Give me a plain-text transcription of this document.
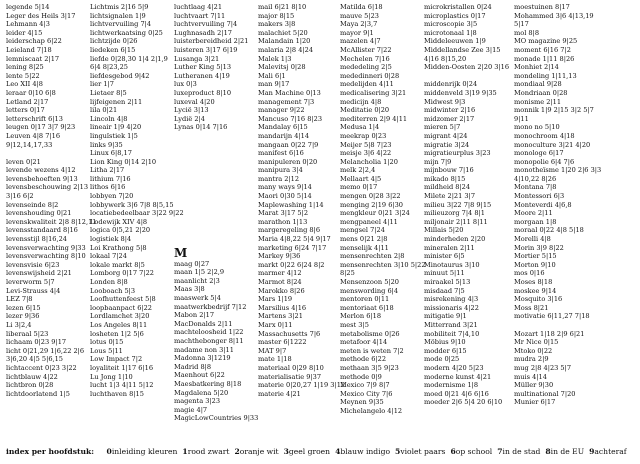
legende 5|14
Leger des Heils 3|17
Lehmann 4|3
leider 4|15
leiderschap 6|22
Leieland 7|18
lemniscaat 2|17
lening 8|25
lente 5|22
Leo XII 4|8
leraar 0|10 6|8
Letland 2|17
letters 0|17
letterschrift 6|13
leugen 0|17 3|7 9|23
Leuven 4|8 7|16
9|12,14,17,33
leven 0|21
levende wezens 4|12
levensbehoeften 9|13
levensbeschouwing 2|13
3|16 6|2
levenseinde 8|2
levenshouding 0|21
levenskwaliteit 2|8 8|12,11
levensstandaard 8|16
levensstijl 8|16,24
levensverwachting 9|33
levensverwachting 8|10
levensvisie 6|23
levenswijsheid 2|21
leverworm 5|7
Levi-Strauss 4|4
LEZ 7|8
lezen 6|15
lezer 9|36
Li 3|2,4
liberaal 5|23
lichaam 0|23 9|17
licht 0|21,29 1|6,22 2|6
3|6,20 4|5 5|6,15
lichtaccent 0|23 3|22
lichtblauw 4|22
lichtbron 0|28
lichtdoorlatend 1|5
Lichtmis 2|16 5|9
lichtsignalen 1|9
lichtvervuiling 7|4
lichtwerkaatsing 0|25
lichtzijde 0|26
liedeken 6|15
liefde 0|28,30 1|4 2|1,9
6|4 8|23,25
liefdesgebod 9|42
lier 1|7
Lietaer 8|5
lijfeigenen 2|11
lila 0|21
Lincoln 4|8
lineair 1|9 4|20
linguïstiek 1|5
links 9|35
Linux 6|8,17
Lion King 0|14 2|10
Litha 2|17
lithium 7|16
lithos 6|16
lobbyen 7|20
lobbywerk 3|6 7|8 8|5,15
locatiebedeelbaar 3|22 9|22
Lodewijk XIV 4|8
logica 0|5,21 2|20
logistiek 8|4
Loi Krathong 5|8
lokaal 7|24
lokale markt 8|5
Lomborg 0|17 7|22
Londen 8|8
Looboach 5|3
Loofhuttenfeest 5|8
loopbaanpact 6|22
Lordlamchet 3|20
Los Angeles 8|11
losheten 1|2 5|6
lotus 0|15
Lous 5|11
Low Impact 7|2
loyaliteit 1|17 6|16
Lu Jong 1|10
lucht 1|3 4|11 5|12
luchthaven 8|15
luchtlaag 4|21
luchtvaart 7|11
luchtvervuiling 7|4
Lughnasadh 2|17
luisterbereidheid 2|21
luisteren 3|17 6|19
Lusanga 3|21
Luther King 5|13
Lutheranen 4|19
lux 0|3
luxeproduct 8|10
luxeval 4|20
Lycië 3|13
Lydië 2|4
Lynas 0|14 7|16
M
maag 0|27
maan 1|5 2|2,9
maanlicht 2|3
Maas 3|8
maaswerk 5|4
maatwerkbedrijf 7|12
Mabon 2|17
MacDonalds 2|11
machteloosheid 1|22
machthebonger 8|11
madame non 3|11
Madonna 3|1219
Madrid 8|8
Maenhout 6|22
Maesbatkering 8|18
Magdalena 5|20
magenta 3|23
magie 4|7
MagicLowCountries 9|33
mail 6|21 8|10
major 8|15
makers 3|8
malachiet 5|20
Malandain 1|20
malaria 2|8 4|24
Malek 1|3
Malevitsj 0|28
Mali 6|1
man 9|17
Man Machine 0|13
management 7|3
manager 9|22
Mancuso 7|16 8|23
Mandalay 6|15
mandarijn 4|14
mangaan 0|22 7|9
manifest 6|16
manipuleren 0|20
manipura 3|4
mantra 2|12
many ways 9|14
Maori 0|30 5|14
Maplewashing 1|14
Marat 3|17 5|2
marathon 1|13
margeregeling 8|6
Maria 4|8,22 5|4 9|17
marketing 6|24 7|17
Markey 9|36
markt 0|22 6|24 8|2
marmer 4|12
Marmot 8|24
Marokko 8|26
Mars 1|19
Marsilius 4|16
Martens 3|21
Marx 0|11
Massachusetts 7|6
master 6|1222
MAT 9|7
mate 1|18
materiaal 0|29 8|10
materialisatie 9|37
materie 0|20,27 1|19 3|12
materie 4|21
Matilda 6|18
mauve 5|23
Maya 2|3,7
mayor 9|1
mazelen 4|7
McAllister 7|22
Mechelen 7|16
mededeling 2|5
mededinneri 0|28
medelijden 4|11
medicalisering 3|21
medicijn 4|8
Meditatie 0|20
mediterren 2|9 4|11
Medusa 1|4
meekrap 0|23
Meijer 5|8 7|23
meisje 3|6 4|22
Melancholia 1|20
melk 2|2,4
Mellaart 4|5
memo 0|17
mengen 0|28 3|22
menging 2|19 6|30
mengkleur 0|21 3|24
mengpaneel 4|11
mengsel 7|24
mens 0|21 2|8
menselijk 4|11
mensenrechten 2|8
mensenrechten 3|10 5|22
8|25
Mensenzoon 5|20
menswording 6|4
mentoren 0|11
mentoriaat 6|18
Merlon 6|18
mest 3|5
metabolisme 0|26
metafoor 4|14
meten is weten 7|2
methode 6|22
methaan 3|5 9|23
methode 0|9
Mexico 7|9 8|7
Mexico City 7|6
Meynen 9|35
Michelangelo 4|12
microkristallen 0|24
microplastics 0|17
microscopie 3|5
microtonaal 1|8
Middeleeuwen 1|9
Middellandse Zee 3|15
4|16 8|15,20
Midden-Oosten 2|20 3|16
middenrijk 0|24
middenveld 3|19 9|35
Midwest 9|3
midwinter 2|16
midzomer 2|17
mieren 5|7
migrant 4|24
migratie 3|24
migratieurplus 3|23
mijn 7|9
mijnbouw 7|16
mikado 8|15
mildheid 8|24
Milete 2|21 3|7
milieu 3|22 7|8 9|15
milieuzorg 7|4 8|1
miljonair 2|11 8|11
Millais 5|20
minderheden 2|20
mineralen 2|11
minister 6|5
Minotaurus 3|10
minuut 5|11
miraakel 5|13
misdaad 7|5
misrekening 4|3
missionaris 4|22
mitigatie 9|1
Mitterrand 3|21
mobiliteit 7|4,10
Möbius 9|10
modder 6|15
mode 0|25
modern 4|20 5|23
moderne kunst 4|21
modernisme 1|8
moed 0|21 4|6 6|16
moeder 2|6 5|4 20 6|10
moestuinen 8|17
Mohammed 3|6 4|13,19
5|17
mol 8|8
MO magazine 9|25
moment 6|16 7|2
monade 1|11 8|26
Monhiet 2|14
mondeling 1|11,13
mondiaal 9|28
Mondriaan 0|28
monisme 2|11
monnik 1|9 2|15 3|2 5|7
9|11
mono no 5|10
monochroom 4|18
monoculture 3|21 4|20
monologe 6|17
monopolie 6|4 7|6
monotheïsme 1|20 2|6 3|3
4|10,22 8|26
Montana 7|8
Montessori 6|3
Monteverdi 4|6,8
Moore 2|11
morgaan 1|8
moraal 0|22 4|8 5|18
Morelli 4|8
Morin 3|9 8|22
Mortier 5|15
Morton 9|10
mos 0|16
Moses 8|18
moskee 9|14
Mosquito 3|16
Moss 8|21
motivatie 6|11,27 7|18
Mozart 1|18 2|9 6|21
Mr Nice 0|15
Mtoko 0|22
mudra 2|9
mug 2|8 4|23 5|7
muis 4|14
Müller 9|30
multinational 7|20
Munier 6|17
index per hoofdstuk: 0inleiding kleuren 1rood zwart 2oranje wit 3geel groen 4blauw indigo 5violet paars 6op school 7in de stad 8in de EU 9achteraf
